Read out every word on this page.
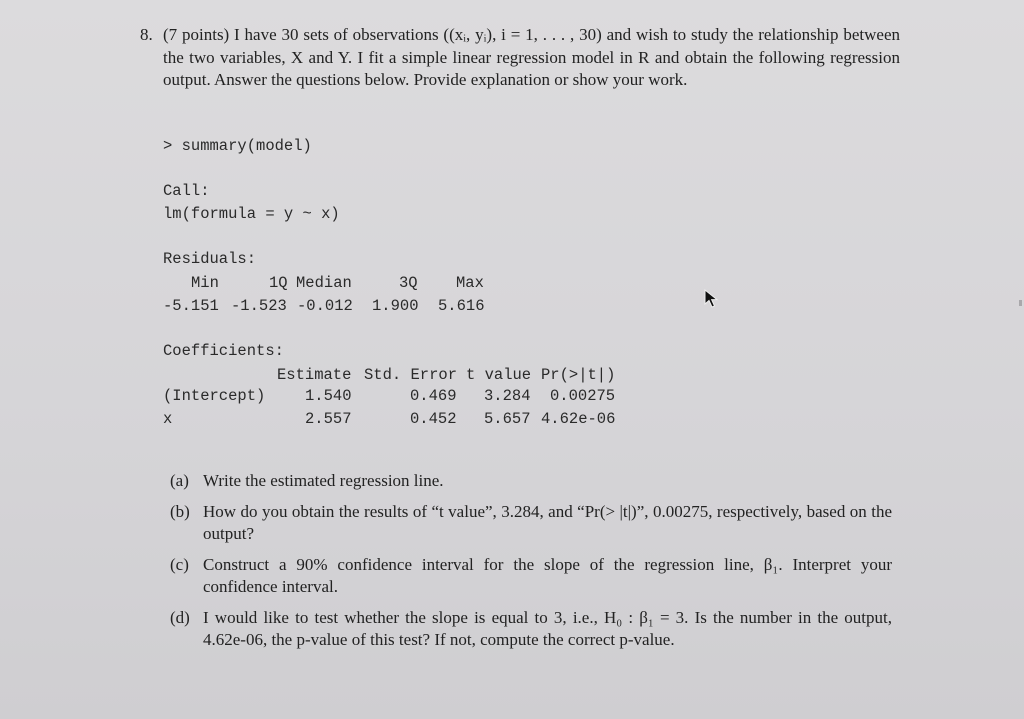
8. (7 points) I have 30 sets of observations ((xᵢ, yᵢ), i = 1, . . . , 30) and wish to study the relationship between the two variables, X and Y. I fit a simple linear regression model in R and obtain the following regression output. Answer the questions below. Provide explanation or show your work.
> summary(model)
Call:
lm(formula = y ~ x)
Residuals:
Min	1Q Median	3Q Max
-5.151 -1.523 -0.012 1.900 5.616
Coefficients:
Estimate Std. Error t value Pr(>|t|)
(Intercept)	1.540	0.469 3.284 0.00275
x	2.557	0.452 5.657 4.62e-06
(a) Write the estimated regression line.
(b) How do you obtain the results of “t value”, 3.284, and “Pr(> |t|)”, 0.00275, respectively, based on the output?
(c) Construct a 90% confidence interval for the slope of the regression line, β₁. Interpret your confidence interval.
(d) I would like to test whether the slope is equal to 3, i.e., H₀ : β₁ = 3. Is the number in the output, 4.62e-06, the p-value of this test? If not, compute the correct p-value.
